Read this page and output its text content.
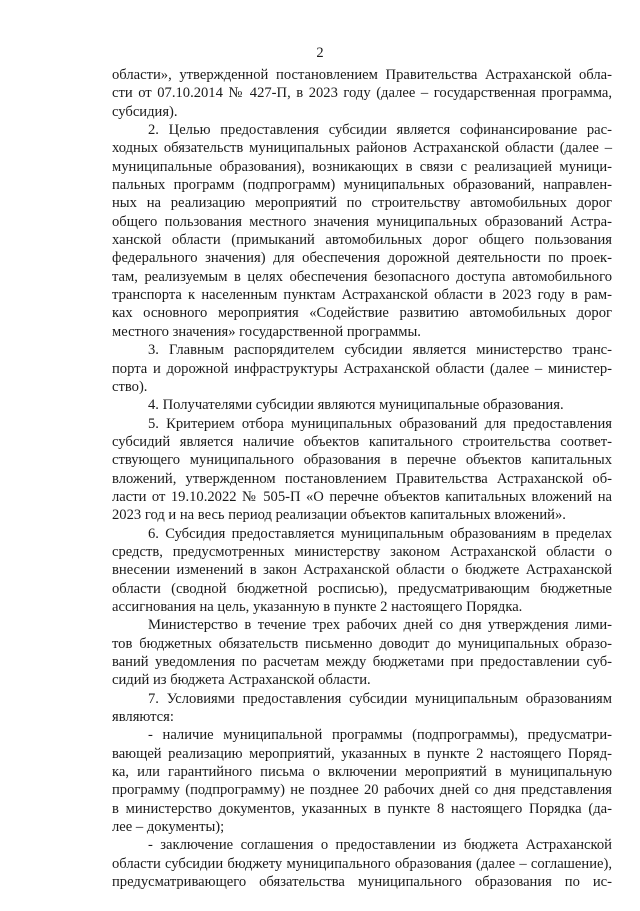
2
области», утвержденной постановлением Правительства Астраханской обла-
сти от 07.10.2014 № 427-П, в 2023 году (далее – государственная программа,
субсидия).
2. Целью предоставления субсидии является софинансирование рас-
ходных обязательств муниципальных районов Астраханской области (далее –
муниципальные образования), возникающих в связи с реализацией муници-
пальных программ (подпрограмм) муниципальных образований, направлен-
ных на реализацию мероприятий по строительству автомобильных дорог
общего пользования местного значения муниципальных образований Астра-
ханской области (примыканий автомобильных дорог общего пользования
федерального значения) для обеспечения дорожной деятельности по проек-
там, реализуемым в целях обеспечения безопасного доступа автомобильного
транспорта к населенным пунктам Астраханской области в 2023 году в рам-
ках основного мероприятия «Содействие развитию автомобильных дорог
местного значения» государственной программы.
3. Главным распорядителем субсидии является министерство транс-
порта и дорожной инфраструктуры Астраханской области (далее – министер-
ство).
4. Получателями субсидии являются муниципальные образования.
5. Критерием отбора муниципальных образований для предоставления
субсидий является наличие объектов капитального строительства соответ-
ствующего муниципального образования в перечне объектов капитальных
вложений, утвержденном постановлением Правительства Астраханской об-
ласти от 19.10.2022 № 505-П «О перечне объектов капитальных вложений на
2023 год и на весь период реализации объектов капитальных вложений».
6. Субсидия предоставляется муниципальным образованиям в пределах
средств, предусмотренных министерству законом Астраханской области о
внесении изменений в закон Астраханской области о бюджете Астраханской
области (сводной бюджетной росписью), предусматривающим бюджетные
ассигнования на цель, указанную в пункте 2 настоящего Порядка.
Министерство в течение трех рабочих дней со дня утверждения лими-
тов бюджетных обязательств письменно доводит до муниципальных образо-
ваний уведомления по расчетам между бюджетами при предоставлении суб-
сидий из бюджета Астраханской области.
7. Условиями предоставления субсидии муниципальным образованиям
являются:
- наличие муниципальной программы (подпрограммы), предусматри-
вающей реализацию мероприятий, указанных в пункте 2 настоящего Поряд-
ка, или гарантийного письма о включении мероприятий в муниципальную
программу (подпрограмму) не позднее 20 рабочих дней со дня представления
в министерство документов, указанных в пункте 8 настоящего Порядка (да-
лее – документы);
- заключение соглашения о предоставлении из бюджета Астраханской
области субсидии бюджету муниципального образования (далее – соглашение),
предусматривающего обязательства муниципального образования по ис-
